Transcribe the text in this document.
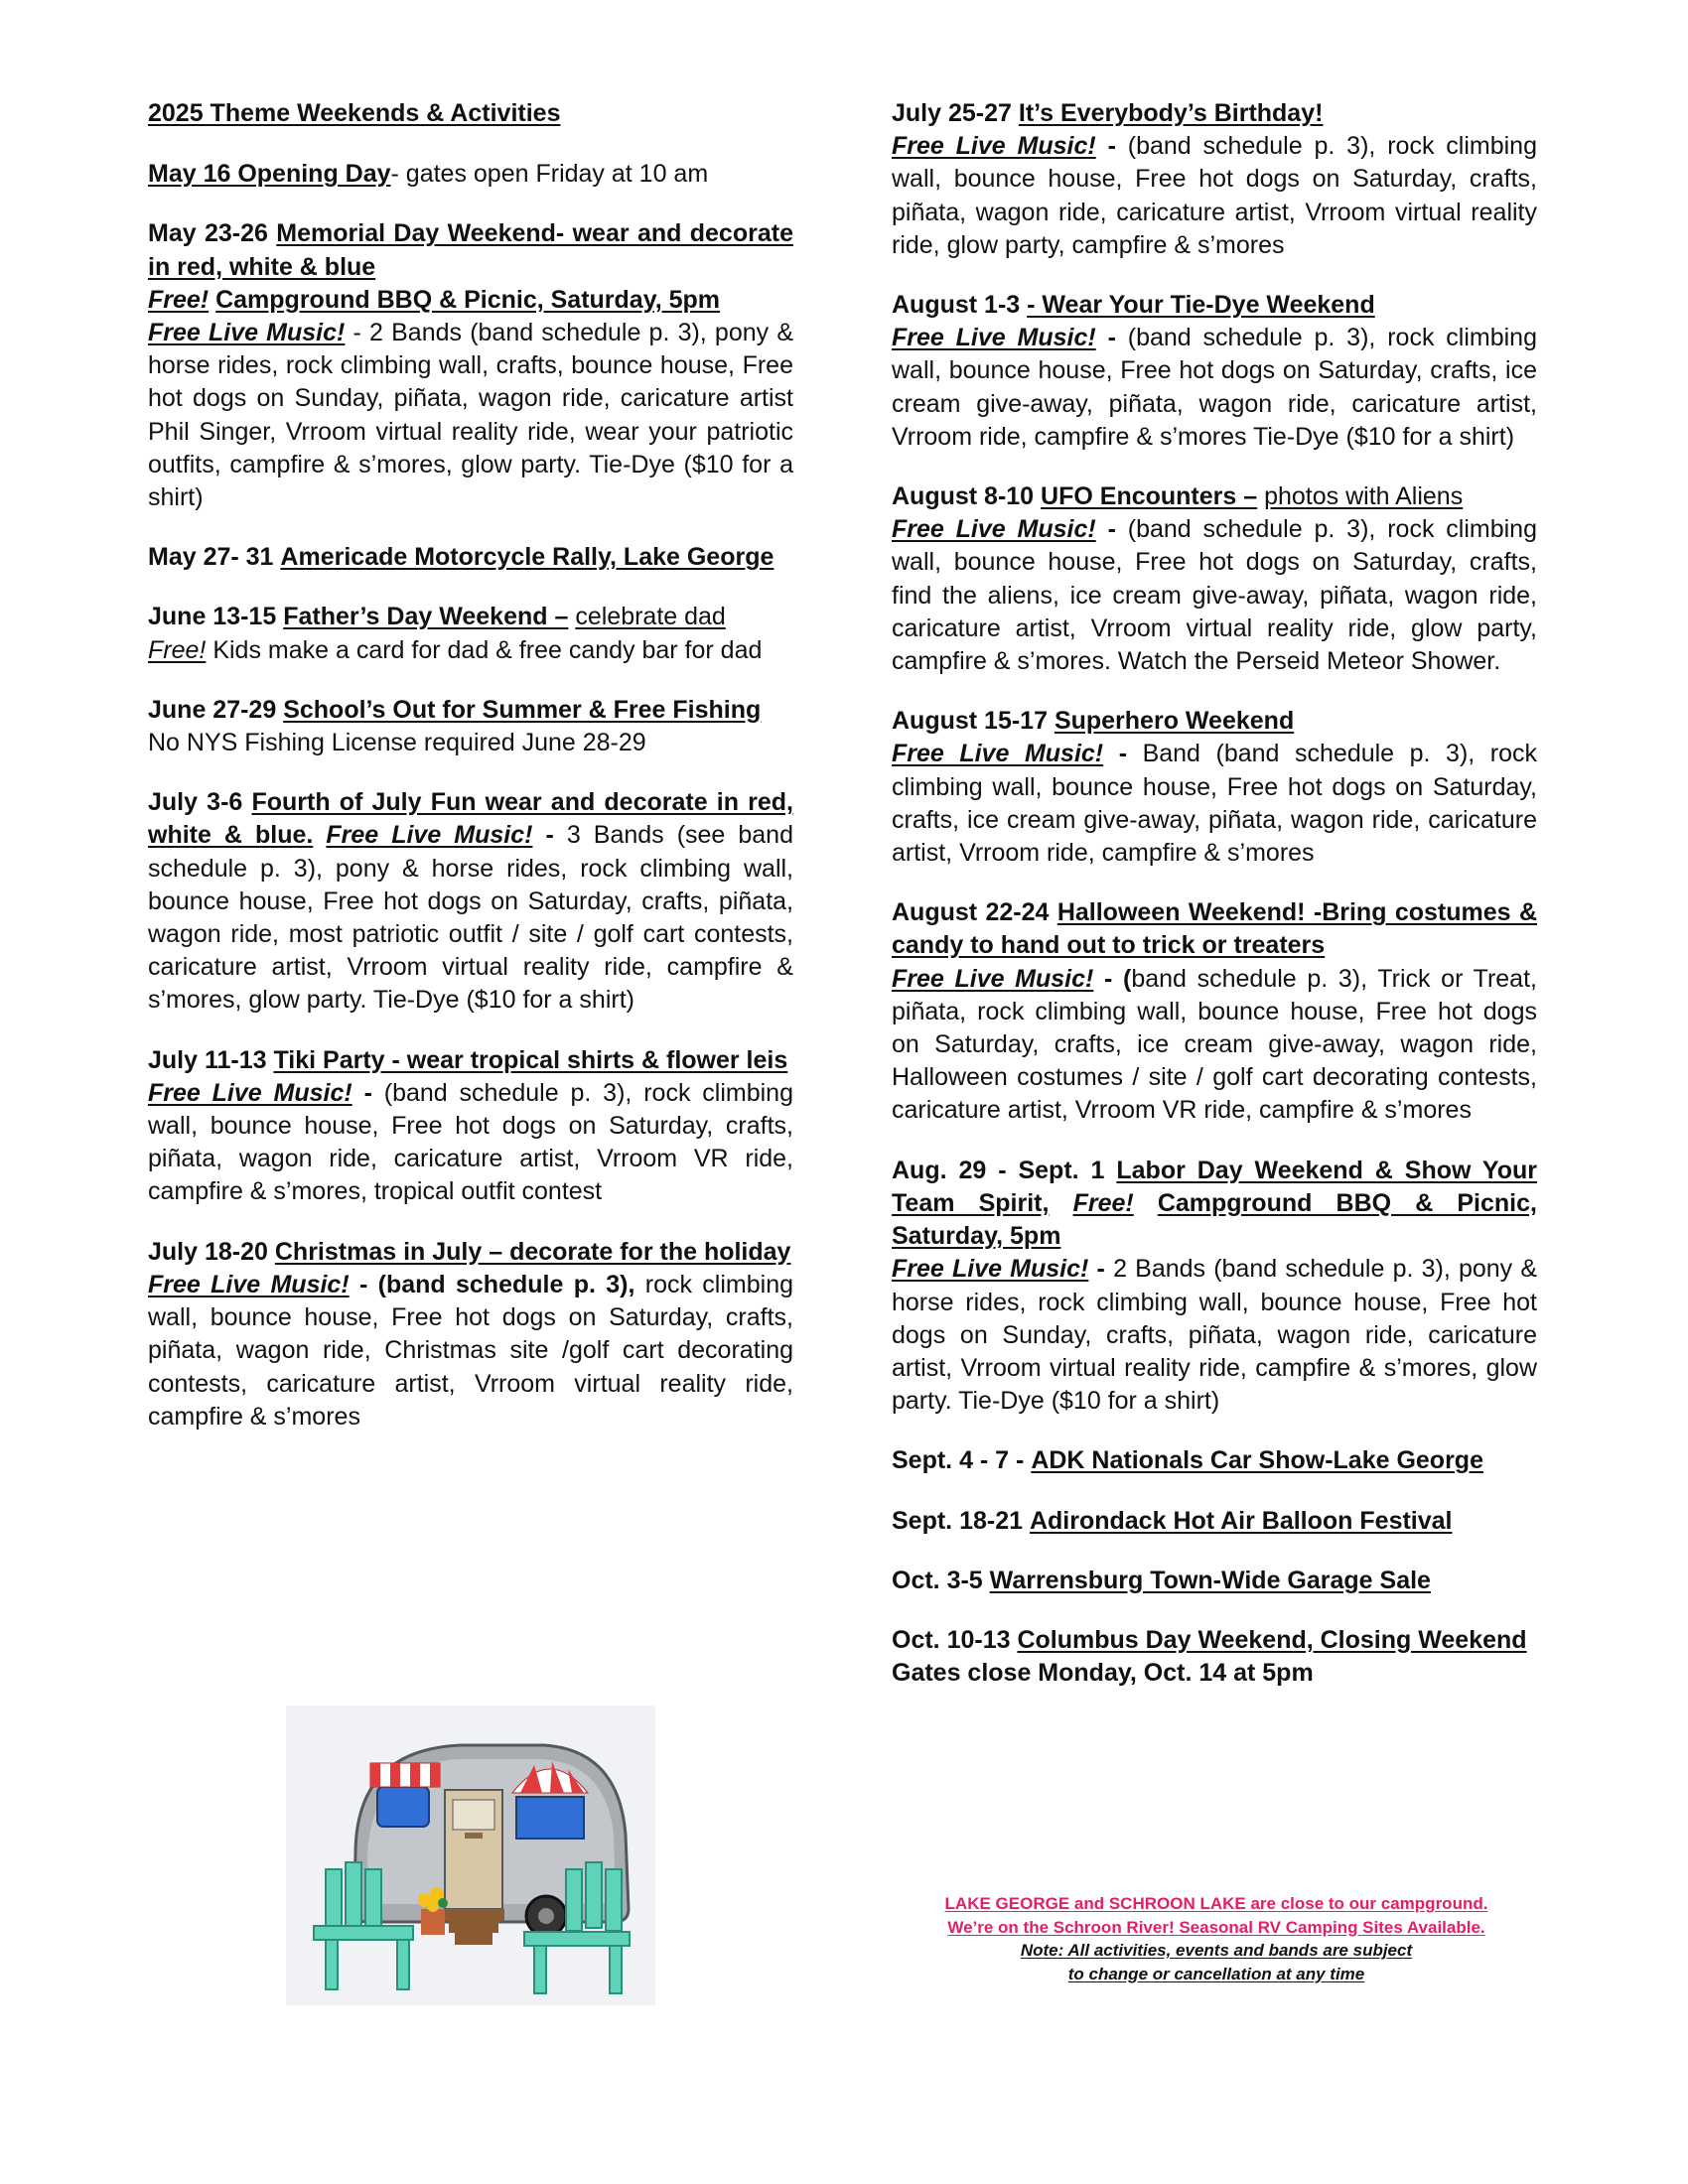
2025 Theme Weekends & Activities
May 16 Opening Day- gates open Friday at 10 am
May 23-26 Memorial Day Weekend- wear and decorate in red, white & blue
Free! Campground BBQ & Picnic, Saturday, 5pm
Free Live Music! - 2 Bands (band schedule p. 3), pony & horse rides, rock climbing wall, crafts, bounce house, Free hot dogs on Sunday, piñata, wagon ride, caricature artist Phil Singer, Vrroom virtual reality ride, wear your patriotic outfits, campfire & s’mores, glow party. Tie-Dye ($10 for a shirt)
May 27- 31 Americade Motorcycle Rally, Lake George
June 13-15 Father’s Day Weekend – celebrate dad
Free! Kids make a card for dad & free candy bar for dad
June 27-29 School’s Out for Summer & Free Fishing
No NYS Fishing License required June 28-29
July 3-6 Fourth of July Fun wear and decorate in red, white & blue. Free Live Music! - 3 Bands (see band schedule p. 3), pony & horse rides, rock climbing wall, bounce house, Free hot dogs on Saturday, crafts, piñata, wagon ride, most patriotic outfit / site / golf cart contests, caricature artist, Vrroom virtual reality ride, campfire & s’mores, glow party. Tie-Dye ($10 for a shirt)
July 11-13 Tiki Party - wear tropical shirts & flower leis
Free Live Music! - (band schedule p. 3), rock climbing wall, bounce house, Free hot dogs on Saturday, crafts, piñata, wagon ride, caricature artist, Vrroom VR ride, campfire & s’mores, tropical outfit contest
July 18-20 Christmas in July – decorate for the holiday
Free Live Music! - (band schedule p. 3), rock climbing wall, bounce house, Free hot dogs on Saturday, crafts, piñata, wagon ride, Christmas site /golf cart decorating contests, caricature artist, Vrroom virtual reality ride, campfire & s’mores
July 25-27 It’s Everybody’s Birthday!
Free Live Music! - (band schedule p. 3), rock climbing wall, bounce house, Free hot dogs on Saturday, crafts, piñata, wagon ride, caricature artist, Vrroom virtual reality ride, glow party, campfire & s’mores
August 1-3 - Wear Your Tie-Dye Weekend
Free Live Music! - (band schedule p. 3), rock climbing wall, bounce house, Free hot dogs on Saturday, crafts, ice cream give-away, piñata, wagon ride, caricature artist, Vrroom ride, campfire & s’mores Tie-Dye ($10 for a shirt)
August 8-10 UFO Encounters – photos with Aliens
Free Live Music! - (band schedule p. 3), rock climbing wall, bounce house, Free hot dogs on Saturday, crafts, find the aliens, ice cream give-away, piñata, wagon ride, caricature artist, Vrroom virtual reality ride, glow party, campfire & s’mores. Watch the Perseid Meteor Shower.
August 15-17 Superhero Weekend
Free Live Music! - Band (band schedule p. 3), rock climbing wall, bounce house, Free hot dogs on Saturday, crafts, ice cream give-away, piñata, wagon ride, caricature artist, Vrroom ride, campfire & s’mores
August 22-24 Halloween Weekend! -Bring costumes & candy to hand out to trick or treaters
Free Live Music! - (band schedule p. 3), Trick or Treat, piñata, rock climbing wall, bounce house, Free hot dogs on Saturday, crafts, ice cream give-away, wagon ride, Halloween costumes / site / golf cart decorating contests, caricature artist, Vrroom VR ride, campfire & s’mores
Aug. 29 - Sept. 1 Labor Day Weekend & Show Your Team Spirit, Free! Campground BBQ & Picnic, Saturday, 5pm
Free Live Music! - 2 Bands (band schedule p. 3), pony & horse rides, rock climbing wall, bounce house, Free hot dogs on Sunday, crafts, piñata, wagon ride, caricature artist, Vrroom virtual reality ride, campfire & s’mores, glow party. Tie-Dye ($10 for a shirt)
Sept. 4 - 7 - ADK Nationals Car Show-Lake George
Sept. 18-21 Adirondack Hot Air Balloon Festival
Oct. 3-5 Warrensburg Town-Wide Garage Sale
Oct. 10-13 Columbus Day Weekend, Closing Weekend Gates close Monday, Oct. 14 at 5pm
LAKE GEORGE and SCHROON LAKE are close to our campground.
We’re on the Schroon River! Seasonal RV Camping Sites Available.
Note: All activities, events and bands are subject
to change or cancellation at any time
